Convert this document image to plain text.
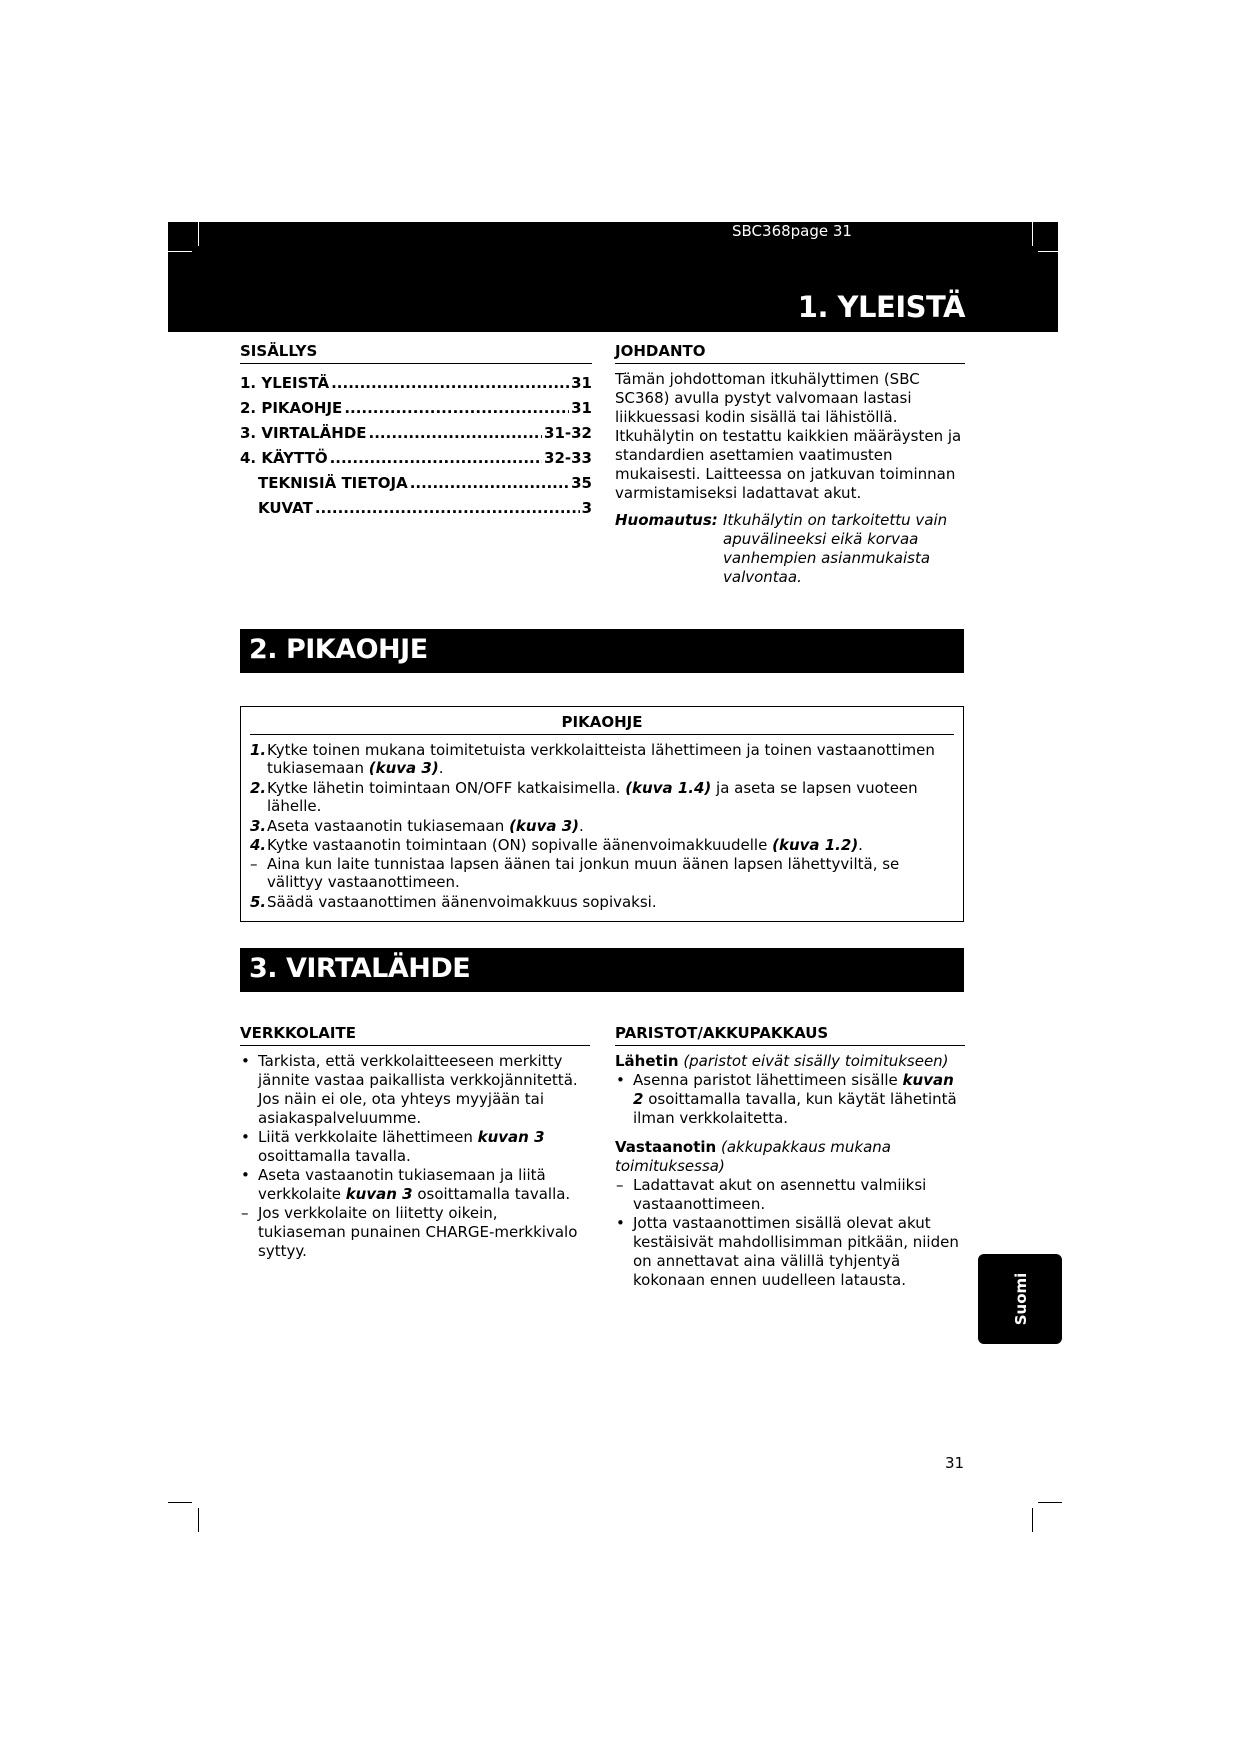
SBC368page 31
1. YLEISTÄ
SISÄLLYS
1. YLEISTÄ .....	31
2. PIKAOHJE .....	31
3. VIRTALÄHDE .....	31-32
4. KÄYTTÖ .....	32-33
TEKNISIÄ TIETOJA .....	35
KUVAT .....	3
JOHDANTO
Tämän johdottoman itkuhälyttimen (SBC SC368) avulla pystyt valvomaan lastasi liikkuessasi kodin sisällä tai lähistöllä. Itkuhälytin on testattu kaikkien määräysten ja standardien asettamien vaatimusten mukaisesti. Laitteessa on jatkuvan toiminnan varmistamiseksi ladattavat akut.
Huomautus: Itkuhälytin on tarkoitettu vain apuvälineeksi eikä korvaa vanhempien asianmukaista valvontaa.
2. PIKAOHJE
PIKAOHJE
1. Kytke toinen mukana toimitetuista verkkolaitteista lähettimeen ja toinen vastaanottimen tukiasemaan (kuva 3).
2. Kytke lähetin toimintaan ON/OFF katkaisimella. (kuva 1.4) ja aseta se lapsen vuoteen lähelle.
3. Aseta vastaanotin tukiasemaan (kuva 3).
4. Kytke vastaanotin toimintaan (ON) sopivalle äänenvoimakkuudelle (kuva 1.2).
– Aina kun laite tunnistaa lapsen äänen tai jonkun muun äänen lapsen lähettyviltä, se välittyy vastaanottimeen.
5. Säädä vastaanottimen äänenvoimakkuus sopivaksi.
3. VIRTALÄHDE
VERKKOLAITE
• Tarkista, että verkkolaitteeseen merkitty jännite vastaa paikallista verkkojännitettä. Jos näin ei ole, ota yhteys myyjään tai asiakaspalveluumme.
• Liitä verkkolaite lähettimeen kuvan 3 osoittamalla tavalla.
• Aseta vastaanotin tukiasemaan ja liitä verkkolaite kuvan 3 osoittamalla tavalla.
– Jos verkkolaite on liitetty oikein, tukiaseman punainen CHARGE-merkkivalo syttyy.
PARISTOT/AKKUPAKKAUS
Lähetin (paristot eivät sisälly toimitukseen)
• Asenna paristot lähettimeen sisälle kuvan 2 osoittamalla tavalla, kun käytät lähetintä ilman verkkolaitetta.
Vastaanotin (akkupakkaus mukana toimituksessa)
– Ladattavat akut on asennettu valmiiksi vastaanottimeen.
• Jotta vastaanottimen sisällä olevat akut kestäisivät mahdollisimman pitkään, niiden on annettavat aina välillä tyhjentyä kokonaan ennen uudelleen latausta.	Suomi
31
